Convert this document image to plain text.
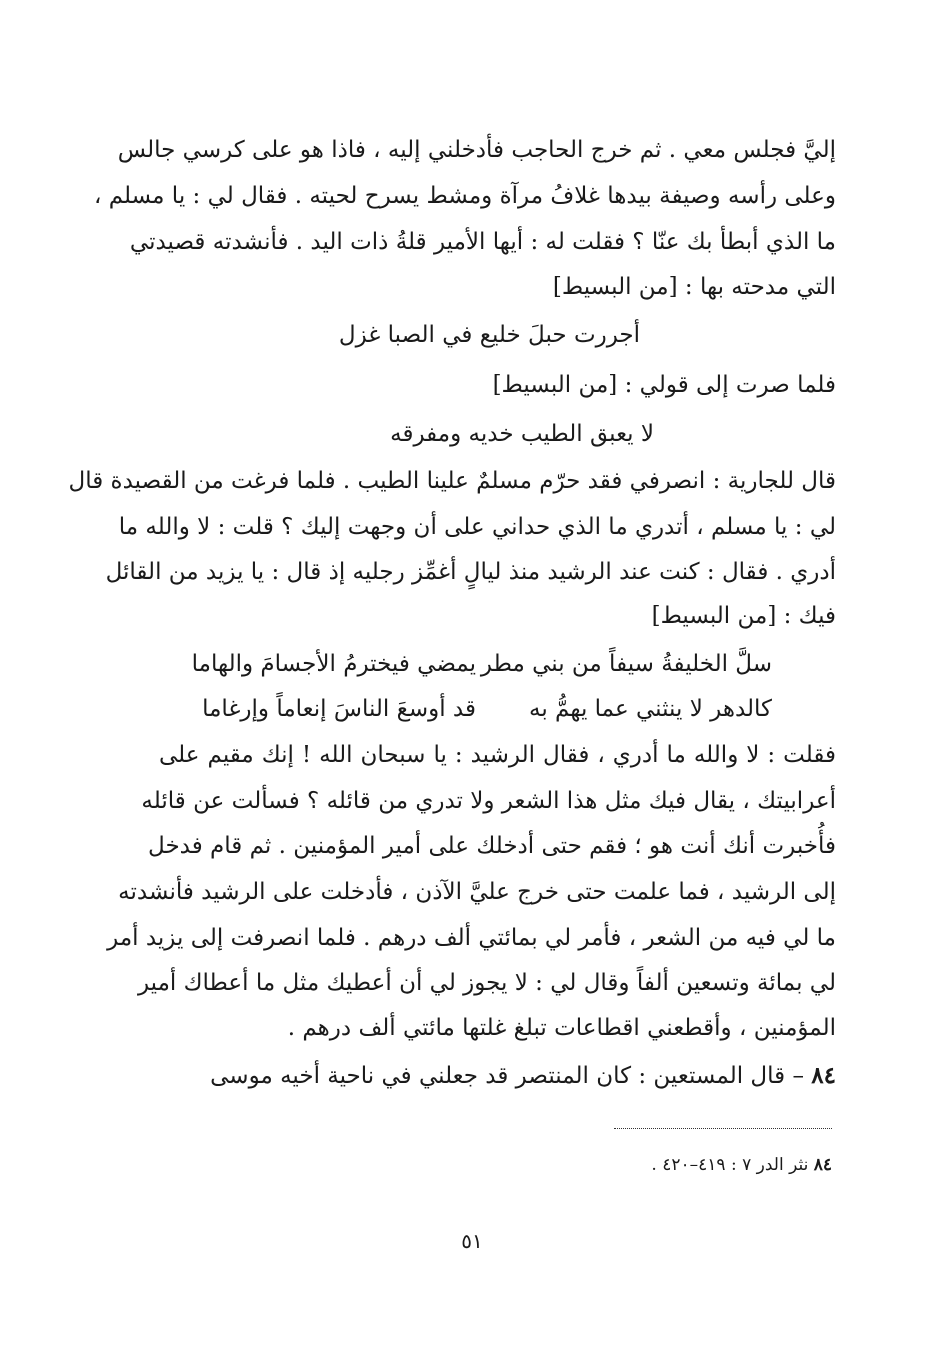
إليَّ فجلس معي . ثم خرج الحاجب فأدخلني إليه ، فاذا هو على كرسي جالس
وعلى رأسه وصيفة بيدها غلافُ مرآة ومشط يسرح لحيته . فقال لي : يا مسلم ،
ما الذي أبطأ بك عنّا ؟ فقلت له : أيها الأمير قلةُ ذات اليد . فأنشدته قصيدتي
التي مدحته بها : [من البسيط]
أجررت حبلَ خليع في الصبا غزل
فلما صرت إلى قولي : [من البسيط]
لا يعبق الطيب خديه ومفرقه
قال للجارية : انصرفي فقد حرّم مسلمٌ علينا الطيب . فلما فرغت من القصيدة قال
لي : يا مسلم ، أتدري ما الذي حداني على أن وجهت إليك ؟ قلت : لا والله ما
أدري . فقال : كنت عند الرشيد منذ ليالٍ أغمِّز رجليه إذ قال : يا يزيد من القائل
فيك : [من البسيط]
سلَّ الخليفةُ سيفاً من بني مطر
يمضي فيخترمُ الأجسامَ والهاما
كالدهر لا ينثني عما يهمُّ به
قد أوسعَ الناسَ إنعاماً وإرغاما
فقلت : لا والله ما أدري ، فقال الرشيد : يا سبحان الله ! إنك مقيم على
أعرابيتك ، يقال فيك مثل هذا الشعر ولا تدري من قائله ؟ فسألت عن قائله
فأُخبرت أنك أنت هو ؛ فقم حتى أدخلك على أمير المؤمنين . ثم قام فدخل
إلى الرشيد ، فما علمت حتى خرج عليَّ الآذن ، فأدخلت على الرشيد فأنشدته
ما لي فيه من الشعر ، فأمر لي بمائتي ألف درهم . فلما انصرفت إلى يزيد أمر
لي بمائة وتسعين ألفاً وقال لي : لا يجوز لي أن أعطيك مثل ما أعطاك أمير
المؤمنين ، وأقطعني اقطاعات تبلغ غلتها مائتي ألف درهم .
٨٤ – قال المستعين : كان المنتصر قد جعلني في ناحية أخيه موسى
٨٤ نثر الدر ٧ : ٤١٩–٤٢٠ .
٥١
